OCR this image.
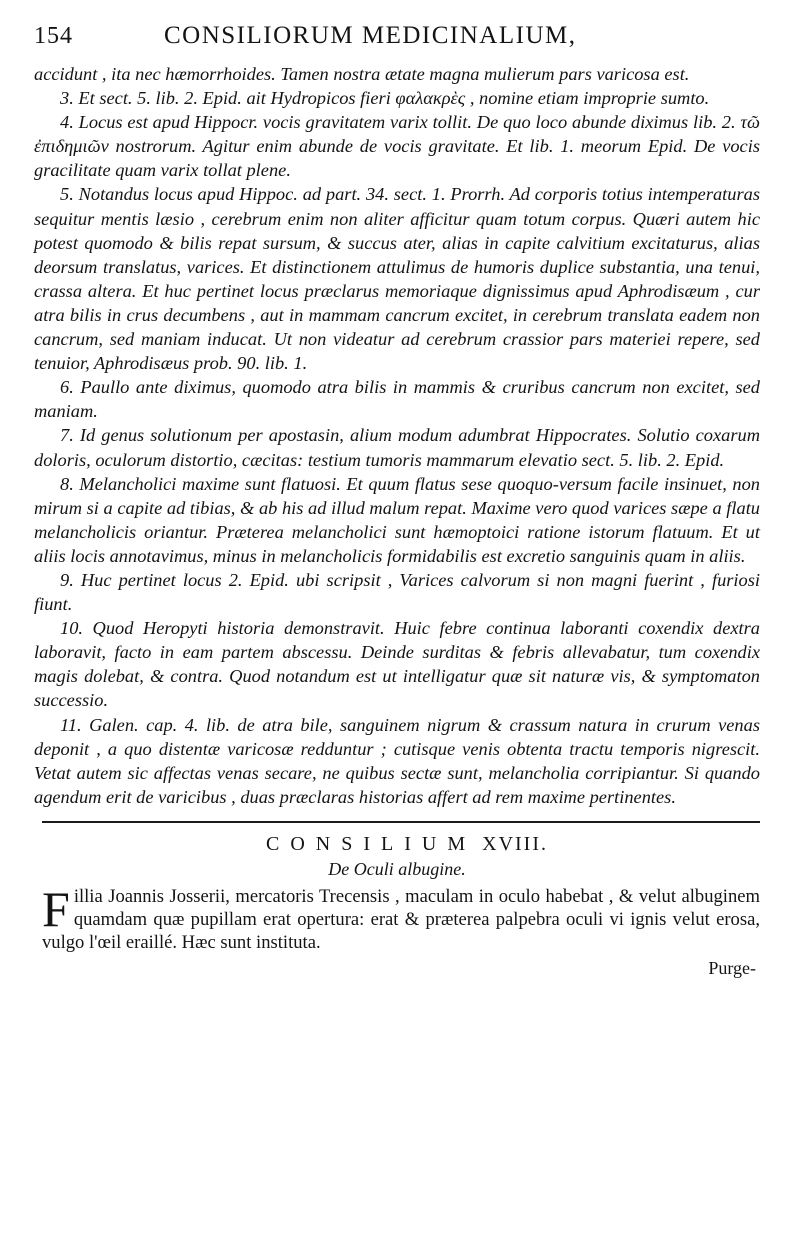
154	CONSILIORUM MEDICINALIUM,

accidunt , ita nec hæmorrhoides. Tamen nostra ætate magna mulierum pars varicosa est.

3. Et sect. 5. lib. 2. Epid. ait Hydropicos fieri φαλακρὲς , nomine etiam improprie sumto.

4. Locus est apud Hippocr. vocis gravitatem varix tollit. De quo loco abunde diximus lib. 2. τῶ ἐπιδημιῶν nostrorum. Agitur enim abunde de vocis gravitate. Et lib. 1. meorum Epid. De vocis gracilitate quam varix tollat plene.

5. Notandus locus apud Hippoc. ad part. 34. sect. 1. Prorrh. Ad corporis totius intemperaturas sequitur mentis læsio , cerebrum enim non aliter afficitur quam totum corpus. Quæri autem hic potest quomodo & bilis repat sursum, & succus ater, alias in capite calvitium excitaturus, alias deorsum translatus, varices. Et distinctionem attulimus de humoris duplice substantia, una tenui, crassa altera. Et huc pertinet locus præclarus memoriaque dignissimus apud Aphrodisæum , cur atra bilis in crus decumbens , aut in mammam cancrum excitet, in cerebrum translata eadem non cancrum, sed maniam inducat. Ut non videatur ad cerebrum crassior pars materiei repere, sed tenuior, Aphrodisæus prob. 90. lib. 1.

6. Paullo ante diximus, quomodo atra bilis in mammis & cruribus cancrum non excitet, sed maniam.

7. Id genus solutionum per apostasin, alium modum adumbrat Hippocrates. Solutio coxarum doloris, oculorum distortio, cæcitas: testium tumoris mammarum elevatio sect. 5. lib. 2. Epid.

8. Melancholici maxime sunt flatuosi. Et quum flatus sese quoquo-versum facile insinuet, non mirum si a capite ad tibias, & ab his ad illud malum repat. Maxime vero quod varices sæpe a flatu melancholicis oriantur. Præterea melancholici sunt hæmoptoici ratione istorum flatuum. Et ut aliis locis annotavimus, minus in melancholicis formidabilis est excretio sanguinis quam in aliis.

9. Huc pertinet locus 2. Epid. ubi scripsit , Varices calvorum si non magni fuerint , furiosi fiunt.

10. Quod Heropyti historia demonstravit. Huic febre continua laboranti coxendix dextra laboravit, facto in eam partem abscessu. Deinde surditas & febris allevabatur, tum coxendix magis dolebat, & contra. Quod notandum est ut intelligatur quæ sit naturæ vis, & symptomaton successio.

11. Galen. cap. 4. lib. de atra bile, sanguinem nigrum & crassum natura in crurum venas deponit , a quo distentæ varicosæ redduntur ; cutisque venis obtenta tractu temporis nigrescit. Vetat autem sic affectas venas secare, ne quibus sectæ sunt, melancholia corripiantur. Si quando agendum erit de varicibus , duas præclaras historias affert ad rem maxime pertinentes.

CONSILIUM XVIII.
De Oculi albugine.

Fillia Joannis Josserii, mercatoris Trecensis , maculam in oculo habebat , & velut albuginem quamdam quæ pupillam erat opertura: erat & præterea palpebra oculi vi ignis velut erosa, vulgo l'œil eraillé. Hæc sunt instituta.

Purge-
